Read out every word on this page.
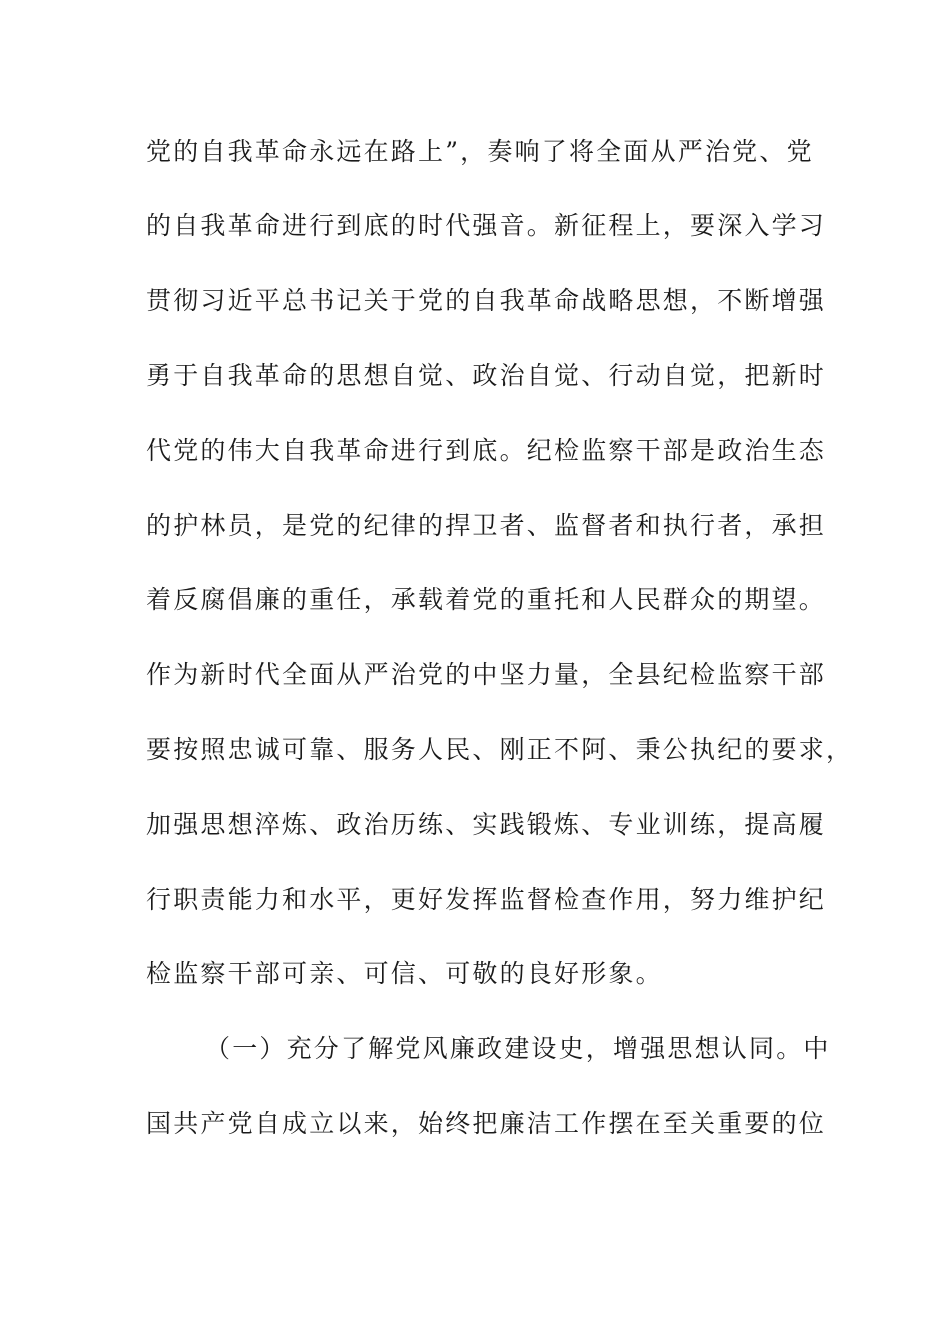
党的自我革命永远在路上”，奏响了将全面从严治党、党
的自我革命进行到底的时代强音。新征程上，要深入学习
贯彻习近平总书记关于党的自我革命战略思想，不断增强
勇于自我革命的思想自觉、政治自觉、行动自觉，把新时
代党的伟大自我革命进行到底。纪检监察干部是政治生态
的护林员，是党的纪律的捍卫者、监督者和执行者，承担
着反腐倡廉的重任，承载着党的重托和人民群众的期望。
作为新时代全面从严治党的中坚力量，全县纪检监察干部
要按照忠诚可靠、服务人民、刚正不阿、秉公执纪的要求，
加强思想淬炼、政治历练、实践锻炼、专业训练，提高履
行职责能力和水平，更好发挥监督检查作用，努力维护纪
检监察干部可亲、可信、可敬的良好形象。
（一）充分了解党风廉政建设史，增强思想认同。中
国共产党自成立以来，始终把廉洁工作摆在至关重要的位
